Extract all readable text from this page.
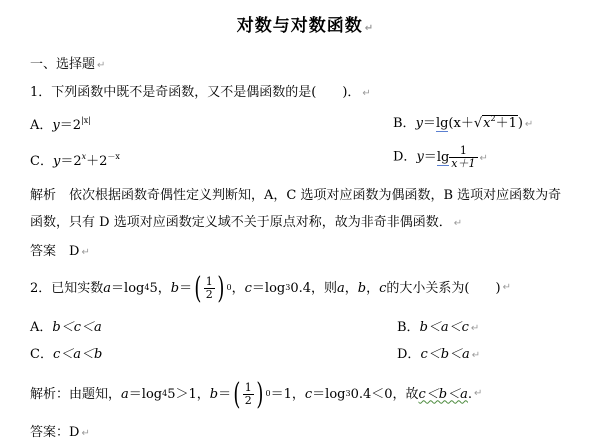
对数与对数函数 ↵
一、选择题 ↵
1．下列函数中既不是奇函数，又不是偶函数的是(　　)． ↵
A．$y=2^{|x|}$	B．$y=\lg(x+√x^2+1)$ ↵
C．$y=2^x+2^{-x}$	D．$y=\lg \frac{1}{x+1}$ ↵
解析　依次根据函数奇偶性定义判断知，A，C 选项对应函数为偶函数，B 选项对应函数为奇
函数，只有 D 选项对应函数定义域不关于原点对称，故为非奇非偶函数． ↵
答案　D ↵
2．已知实数 a ＝log 4 5， b ＝ ( $\frac{1}{2}$ ) 0 ， c ＝log 3 0.4，则 a ， b ， c 的大小关系为(　　) ↵
A．b＜c＜a	B．b＜a＜c ↵
C．c＜a＜b	D．c＜b＜a ↵
解析：由题知， a ＝log 4 5＞1， b ＝ ( $\frac{1}{2}$ ) 0 ＝1， c ＝log 3 0.4＜0，故 c＜b＜a . ↵
答案：D ↵
